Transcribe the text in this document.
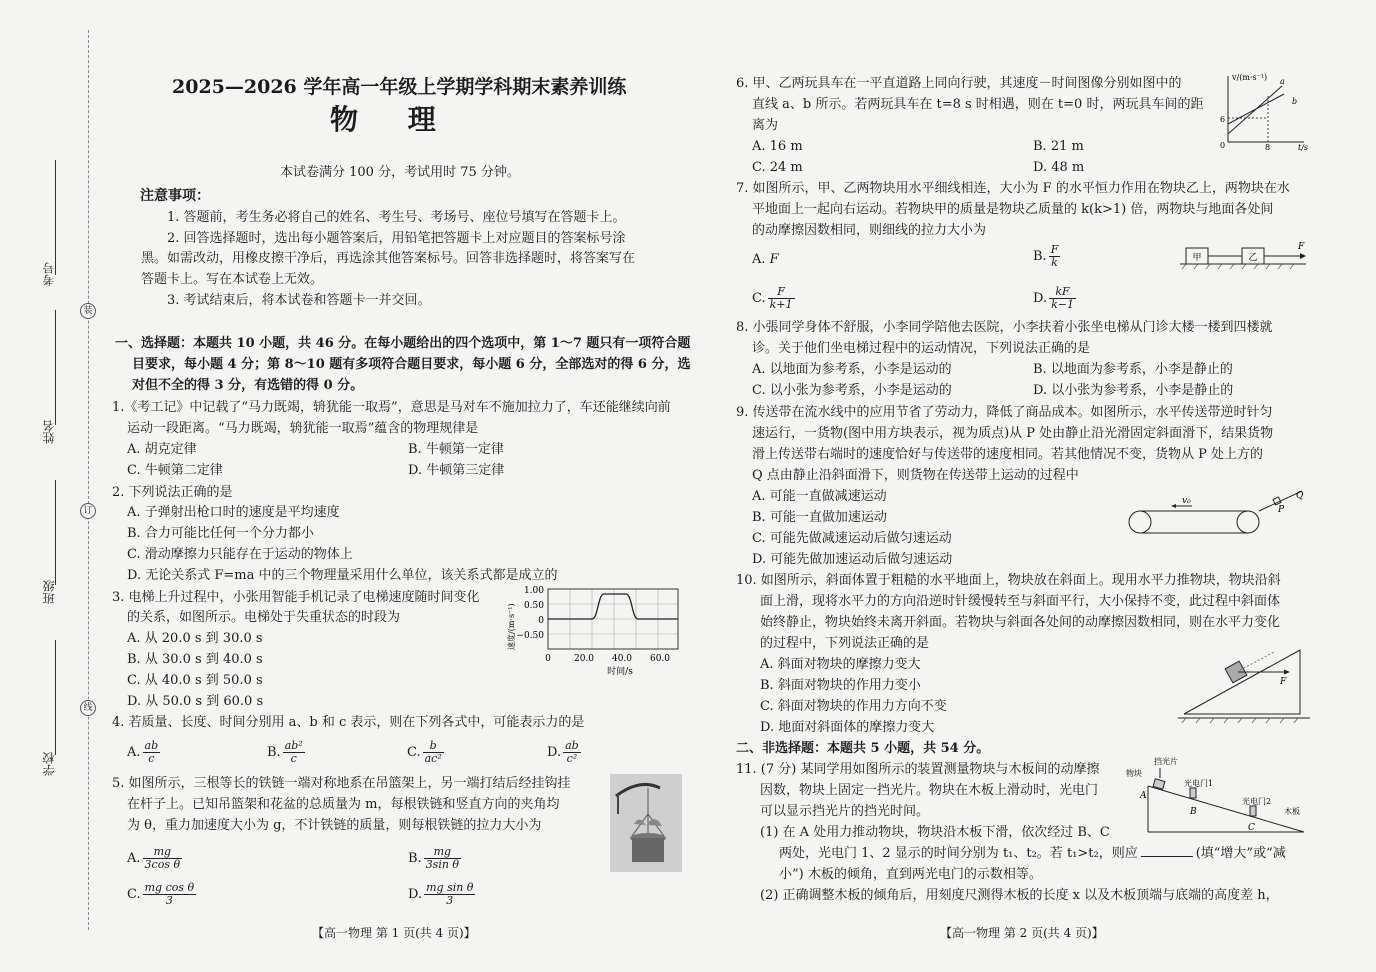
考号
姓名
班级
学校
装
订
线
2025—2026 学年高一年级上学期学科期末素养训练
物 理
本试卷满分 100 分，考试用时 75 分钟。
注意事项：
1. 答题前，考生务必将自己的姓名、考生号、考场号、座位号填写在答题卡上。
2. 回答选择题时，选出每小题答案后，用铅笔把答题卡上对应题目的答案标号涂
黑。如需改动，用橡皮擦干净后，再选涂其他答案标号。回答非选择题时，将答案写在
答题卡上。写在本试卷上无效。
3. 考试结束后，将本试卷和答题卡一并交回。
一、选择题：本题共 10 小题，共 46 分。在每小题给出的四个选项中，第 1～7 题只有一项符合题
目要求，每小题 4 分；第 8～10 题有多项符合题目要求，每小题 6 分，全部选对的得 6 分，选
对但不全的得 3 分，有选错的得 0 分。
1.《考工记》中记载了“马力既竭，辀犹能一取焉”，意思是马对车不施加拉力了，车还能继续向前
运动一段距离。“马力既竭，辀犹能一取焉”蕴含的物理规律是
A. 胡克定律	B. 牛顿第一定律
C. 牛顿第二定律	D. 牛顿第三定律
2. 下列说法正确的是
A. 子弹射出枪口时的速度是平均速度
B. 合力可能比任何一个分力都小
C. 滑动摩擦力只能存在于运动的物体上
D. 无论关系式 F=ma 中的三个物理量采用什么单位，该关系式都是成立的
3. 电梯上升过程中，小张用智能手机记录了电梯速度随时间变化
的关系，如图所示。电梯处于失重状态的时段为
A. 从 20.0 s 到 30.0 s
B. 从 30.0 s 到 40.0 s
C. 从 40.0 s 到 50.0 s
D. 从 50.0 s 到 60.0 s
1.00
0.50
0
−0.50
0	20.0 40.0 60.0
时间/s
速度/(m·s⁻¹)
4. 若质量、长度、时间分别用 a、b 和 c 表示，则在下列各式中，可能表示力的是
A. $\frac{ab}{c}$	B. $\frac{\text{ab²}}{c}$	C. $\frac{b}{\text{ac²}}$	D. $\frac{ab}{\text{c²}}$
5. 如图所示，三根等长的铁链一端对称地系在吊篮架上，另一端打结后经挂钩挂
在杆子上。已知吊篮架和花盆的总质量为 m，每根铁链和竖直方向的夹角均
为 θ，重力加速度大小为 g，不计铁链的质量，则每根铁链的拉力大小为
A. $\frac{mg}{\text{3cos θ}}$	B. $\frac{mg}{\text{3sin θ}}$
C. $\frac{\text{mg cos θ}}{3}$	D. $\frac{\text{mg sin θ}}{3}$
【高一物理 第 1 页(共 4 页)】
6. 甲、乙两玩具车在一平直道路上同向行驶，其速度－时间图像分别如图中的
直线 a、b 所示。若两玩具车在 t=8 s 时相遇，则在 t=0 时，两玩具车间的距
离为
A. 16 m	B. 21 m
C. 24 m	D. 48 m
v/(m·s⁻¹)
t/s
6
8
0
a
b
7. 如图所示，甲、乙两物块用水平细线相连，大小为 F 的水平恒力作用在物块乙上，两物块在水
平地面上一起向右运动。若物块甲的质量是物块乙质量的 k(k>1) 倍，两物块与地面各处间
的动摩擦因数相同，则细线的拉力大小为
A. F	B. $\frac{F}{k}$
C. $\frac{F}{k+1}$	D. $\frac{kF}{k-1}$
甲	乙
F
8. 小張同学身体不舒服，小李同学陪他去医院，小李扶着小张坐电梯从门诊大楼一楼到四楼就
诊。关于他们坐电梯过程中的运动情况，下列说法正确的是
A. 以地面为参考系，小李是运动的	B. 以地面为参考系，小李是静止的
C. 以小张为参考系，小李是运动的	D. 以小张为参考系，小李是静止的
9. 传送带在流水线中的应用节省了劳动力，降低了商品成本。如图所示，水平传送带逆时针匀
速运行，一货物(图中用方块表示，视为质点)从 P 处由静止沿光滑固定斜面滑下，结果货物
滑上传送带右端时的速度恰好与传送带的速度相同。若其他情况不变，货物从 P 处上方的
Q 点由静止沿斜面滑下，则货物在传送带上运动的过程中
A. 可能一直做减速运动
B. 可能一直做加速运动
C. 可能先做减速运动后做匀速运动
D. 可能先做加速运动后做匀速运动
v₀
P
Q
10. 如图所示，斜面体置于粗糙的水平地面上，物块放在斜面上。现用水平力推物块，物块沿斜
面上滑，现将水平力的方向沿逆时针缓慢转至与斜面平行，大小保持不变，此过程中斜面体
始终静止，物块始终未离开斜面。若物块与斜面各处间的动摩擦因数相同，则在水平力变化
的过程中，下列说法正确的是
A. 斜面对物块的摩擦力变大
B. 斜面对物块的作用力变小
C. 斜面对物块的作用力方向不变
D. 地面对斜面体的摩擦力变大
F
二、非选择题：本题共 5 小题，共 54 分。
11. (7 分) 某同学用如图所示的装置测量物块与木板间的动摩擦
因数，物块上固定一挡光片。物块在木板上滑动时，光电门
可以显示挡光片的挡光时间。
(1) 在 A 处用力推动物块，物块沿木板下滑，依次经过 B、C
两处，光电门 1、2 显示的时间分别为 t₁、t₂。若 t₁>t₂，则应	(填“增大”或“减
小”) 木板的倾角，直到两光电门的示数相等。
(2) 正确调整木板的倾角后，用刻度尺测得木板的长度 x 以及木板顶端与底端的高度差 h，
物块
挡光片
光电门1
光电门2
木板
A
B
C
【高一物理 第 2 页(共 4 页)】
